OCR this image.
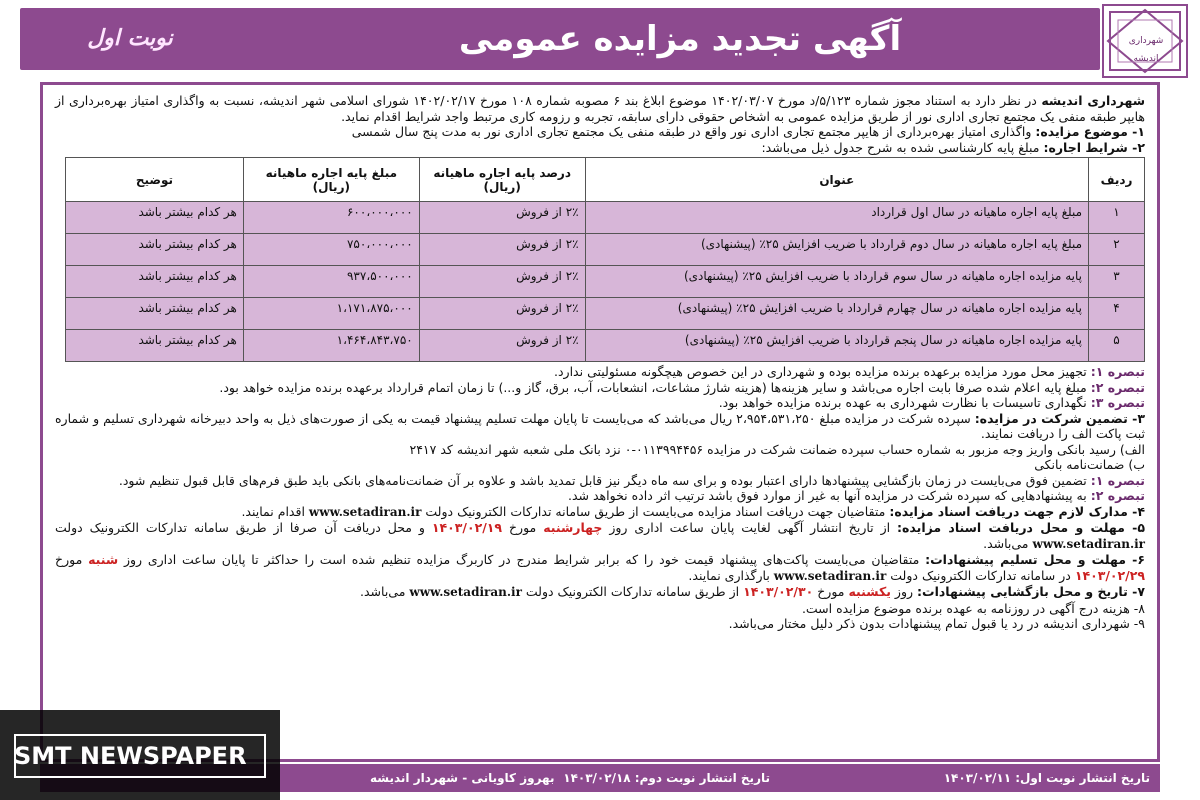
آگهی تجدید مزایده عمومی
نوبت اول	شهرداری اندیشه

شهرداری اندیشه در نظر دارد به استناد مجوز شماره ۵/۱۲۳/د مورخ ۱۴۰۲/۰۳/۰۷ موضوع ابلاغ بند ۶ مصوبه شماره ۱۰۸ مورخ ۱۴۰۲/۰۲/۱۷ شورای اسلامی شهر اندیشه، نسبت به واگذاری امتیاز بهره‌برداری از هایپر طبقه منفی یک مجتمع تجاری اداری نور از طریق مزایده عمومی به اشخاص حقوقی دارای سابقه، تجربه و رزومه کاری مرتبط واجد شرایط اقدام نماید.

۱- موضوع مزایده: واگذاری امتیاز بهره‌برداری از هایپر مجتمع تجاری اداری نور واقع در طبقه منفی یک مجتمع تجاری اداری نور به مدت پنج سال شمسی

۲- شرایط اجاره: مبلغ پایه کارشناسی شده به شرح جدول ذیل می‌باشد:

ردیف	عنوان	درصد پایه اجاره ماهیانه (ریال)	مبلغ پایه اجاره ماهیانه (ریال)	توضیح
۱	مبلغ پایه اجاره ماهیانه در سال اول قرارداد	۲٪ از فروش	۶۰۰،۰۰۰،۰۰۰	هر کدام بیشتر باشد
۲	مبلغ پایه اجاره ماهیانه در سال دوم قرارداد با ضریب افزایش ۲۵٪ (پیشنهادی)	۲٪ از فروش	۷۵۰،۰۰۰،۰۰۰	هر کدام بیشتر باشد
۳	پایه مزایده اجاره ماهیانه در سال سوم قرارداد با ضریب افزایش ۲۵٪ (پیشنهادی)	۲٪ از فروش	۹۳۷،۵۰۰،۰۰۰	هر کدام بیشتر باشد
۴	پایه مزایده اجاره ماهیانه در سال چهارم قرارداد با ضریب افزایش ۲۵٪ (پیشنهادی)	۲٪ از فروش	۱،۱۷۱،۸۷۵،۰۰۰	هر کدام بیشتر باشد
۵	پایه مزایده اجاره ماهیانه در سال پنجم قرارداد با ضریب افزایش ۲۵٪ (پیشنهادی)	۲٪ از فروش	۱،۴۶۴،۸۴۳،۷۵۰	هر کدام بیشتر باشد

تبصره ۱: تجهیز محل مورد مزایده برعهده برنده مزایده بوده و شهرداری در این خصوص هیچگونه مسئولیتی ندارد.

تبصره ۲: مبلغ پایه اعلام شده صرفا بابت اجاره می‌باشد و سایر هزینه‌ها (هزینه شارژ مشاعات، انشعابات، آب، برق، گاز و...) تا زمان اتمام قرارداد برعهده برنده مزایده خواهد بود.

تبصره ۳: نگهداری تاسیسات با نظارت شهرداری به عهده برنده مزایده خواهد بود.

۳- تضمین شرکت در مزایده: سپرده شرکت در مزایده مبلغ ۲،۹۵۴،۵۳۱،۲۵۰ ریال می‌باشد که می‌بایست تا پایان مهلت تسلیم پیشنهاد قیمت به یکی از صورت‌های ذیل به واحد دبیرخانه شهرداری تسلیم و شماره ثبت پاکت الف را دریافت نمایند.

الف) رسید بانکی واریز وجه مزبور به شماره حساب سپرده ضمانت شرکت در مزایده ۰۱۱۳۹۹۴۴۵۶-۰ نزد بانک ملی شعبه شهر اندیشه کد ۲۴۱۷

ب) ضمانت‌نامه بانکی

تبصره ۱: تضمین فوق می‌بایست در زمان بازگشایی پیشنهادها دارای اعتبار بوده و برای سه ماه دیگر نیز قابل تمدید باشد و علاوه بر آن ضمانت‌نامه‌های بانکی باید طبق فرم‌های قابل قبول تنظیم شود.

تبصره ۲: به پیشنهادهایی که سپرده شرکت در مزایده آنها به غیر از موارد فوق باشد ترتیب اثر داده نخواهد شد.

۴- مدارک لازم جهت دریافت اسناد مزایده: متقاضیان جهت دریافت اسناد مزایده می‌بایست از طریق سامانه تدارکات الکترونیک دولت www.setadiran.ir اقدام نمایند.

۵- مهلت و محل دریافت اسناد مزایده: از تاریخ انتشار آگهی لغایت پایان ساعت اداری روز چهارشنبه مورخ ۱۴۰۳/۰۲/۱۹ و محل دریافت آن صرفا از طریق سامانه تدارکات الکترونیک دولت www.setadiran.ir می‌باشد.

۶- مهلت و محل تسلیم پیشنهادات: متقاضیان می‌بایست پاکت‌های پیشنهاد قیمت خود را که برابر شرایط مندرج در کاربرگ مزایده تنظیم شده است را حداکثر تا پایان ساعت اداری روز شنبه مورخ ۱۴۰۳/۰۲/۲۹ در سامانه تدارکات الکترونیک دولت www.setadiran.ir بارگذاری نمایند.

۷- تاریخ و محل بازگشایی پیشنهادات: روز یکشنبه مورخ ۱۴۰۳/۰۲/۳۰ از طریق سامانه تدارکات الکترونیک دولت www.setadiran.ir می‌باشد.

۸- هزینه درج آگهی در روزنامه به عهده برنده موضوع مزایده است.

۹- شهرداری اندیشه در رد یا قبول تمام پیشنهادات بدون ذکر دلیل مختار می‌باشد.

تاریخ انتشار نوبت اول: ۱۴۰۳/۰۲/۱۱
تاریخ انتشار نوبت دوم: ۱۴۰۳/۰۲/۱۸
بهروز کاویانی - شهردار اندیشه
SMT NEWSPAPER
